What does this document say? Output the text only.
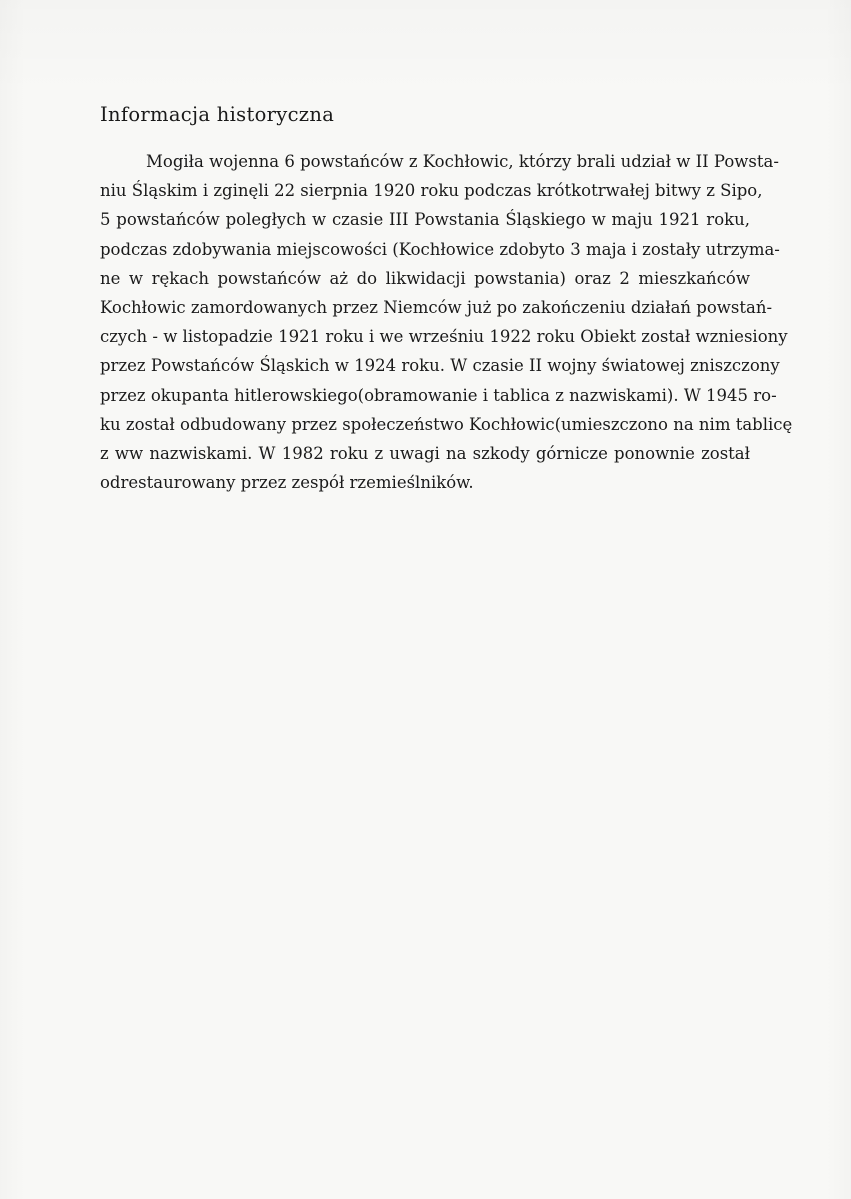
Informacja historyczna
Mogiła wojenna 6 powstańców z Kochłowic, którzy brali udział w II Powsta-
niu Śląskim i zginęli 22 sierpnia 1920 roku podczas krótkotrwałej bitwy z Sipo,
5 powstańców poległych w czasie III Powstania Śląskiego w maju 1921 roku,
podczas zdobywania miejscowości (Kochłowice zdobyto 3 maja i zostały utrzyma-
ne w rękach powstańców aż do likwidacji powstania) oraz 2 mieszkańców
Kochłowic zamordowanych przez Niemców już po zakończeniu działań powstań-
czych - w listopadzie 1921 roku i we wrześniu 1922 roku Obiekt został wzniesiony
przez Powstańców Śląskich w 1924 roku. W czasie II wojny światowej zniszczony
przez okupanta hitlerowskiego(obramowanie i tablica z nazwiskami). W 1945 ro-
ku został odbudowany przez społeczeństwo Kochłowic(umieszczono na nim tablicę
z ww nazwiskami. W 1982 roku z uwagi na szkody górnicze ponownie został
odrestaurowany przez zespół rzemieślników.
